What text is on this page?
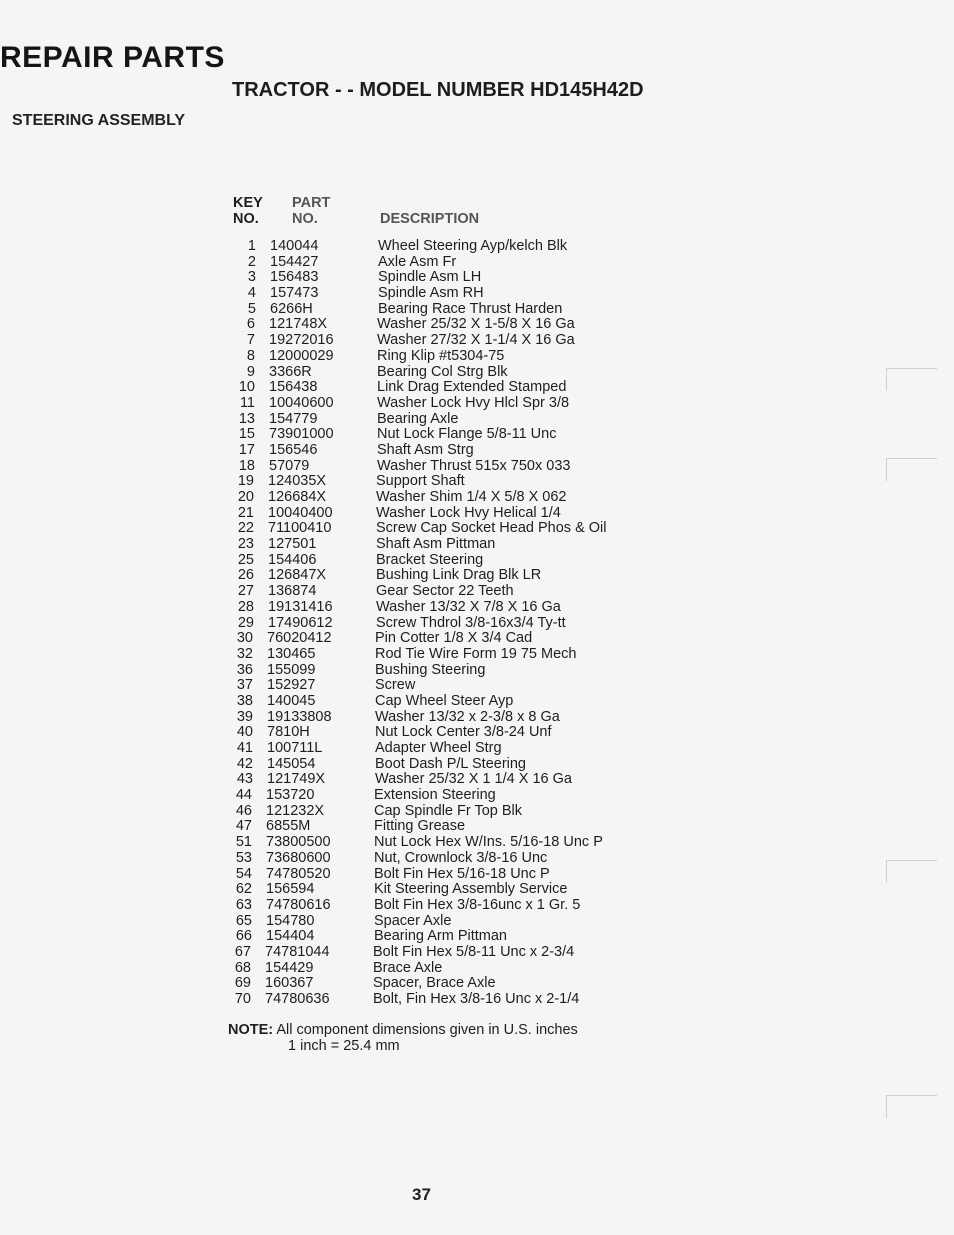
REPAIR PARTS
TRACTOR - - MODEL NUMBER HD145H42D
STEERING ASSEMBLY
KEY
NO.
PART
NO.	DESCRIPTION
1 140044	Wheel Steering Ayp/kelch Blk
2 154427	Axle Asm Fr
3 156483	Spindle Asm LH
4 157473	Spindle Asm RH
5 6266H	Bearing Race Thrust Harden
6 121748X	Washer 25/32 X 1-5/8 X 16 Ga
7 19272016	Washer 27/32 X 1-1/4 X 16 Ga
8 12000029	Ring Klip #t5304-75
9 3366R	Bearing Col Strg Blk
10 156438	Link Drag Extended Stamped
11 10040600	Washer Lock Hvy Hlcl Spr 3/8
13 154779	Bearing Axle
15 73901000	Nut Lock Flange 5/8-11 Unc
17 156546	Shaft Asm Strg
18 57079	Washer Thrust 515x 750x 033
19 124035X	Support Shaft
20 126684X	Washer Shim 1/4 X 5/8 X 062
21 10040400	Washer Lock Hvy Helical 1/4
22 71100410	Screw Cap Socket Head Phos & Oil
23 127501	Shaft Asm Pittman
25 154406	Bracket Steering
26 126847X	Bushing Link Drag Blk LR
27 136874	Gear Sector 22 Teeth
28 19131416	Washer 13/32 X 7/8 X 16 Ga
29 17490612	Screw Thdrol 3/8-16x3/4 Ty-tt
30 76020412	Pin Cotter 1/8 X 3/4 Cad
32 130465	Rod Tie Wire Form 19 75 Mech
36 155099	Bushing Steering
37 152927	Screw
38 140045	Cap Wheel Steer Ayp
39 19133808	Washer 13/32 x 2-3/8 x 8 Ga
40 7810H	Nut Lock Center 3/8-24 Unf
41 100711L	Adapter Wheel Strg
42 145054	Boot Dash P/L Steering
43 121749X	Washer 25/32 X 1 1/4 X 16 Ga
44 153720	Extension Steering
46 121232X	Cap Spindle Fr Top Blk
47 6855M	Fitting Grease
51 73800500	Nut Lock Hex W/Ins. 5/16-18 Unc P
53 73680600	Nut, Crownlock 3/8-16 Unc
54 74780520	Bolt Fin Hex 5/16-18 Unc P
62 156594	Kit Steering Assembly Service
63 74780616	Bolt Fin Hex 3/8-16unc x 1 Gr. 5
65 154780	Spacer Axle
66 154404	Bearing Arm Pittman
67 74781044	Bolt Fin Hex 5/8-11 Unc x 2-3/4
68 154429	Brace Axle
69 160367	Spacer, Brace Axle
70 74780636	Bolt, Fin Hex 3/8-16 Unc x 2-1/4
NOTE: All component dimensions given in U.S. inches
1 inch = 25.4 mm
37
